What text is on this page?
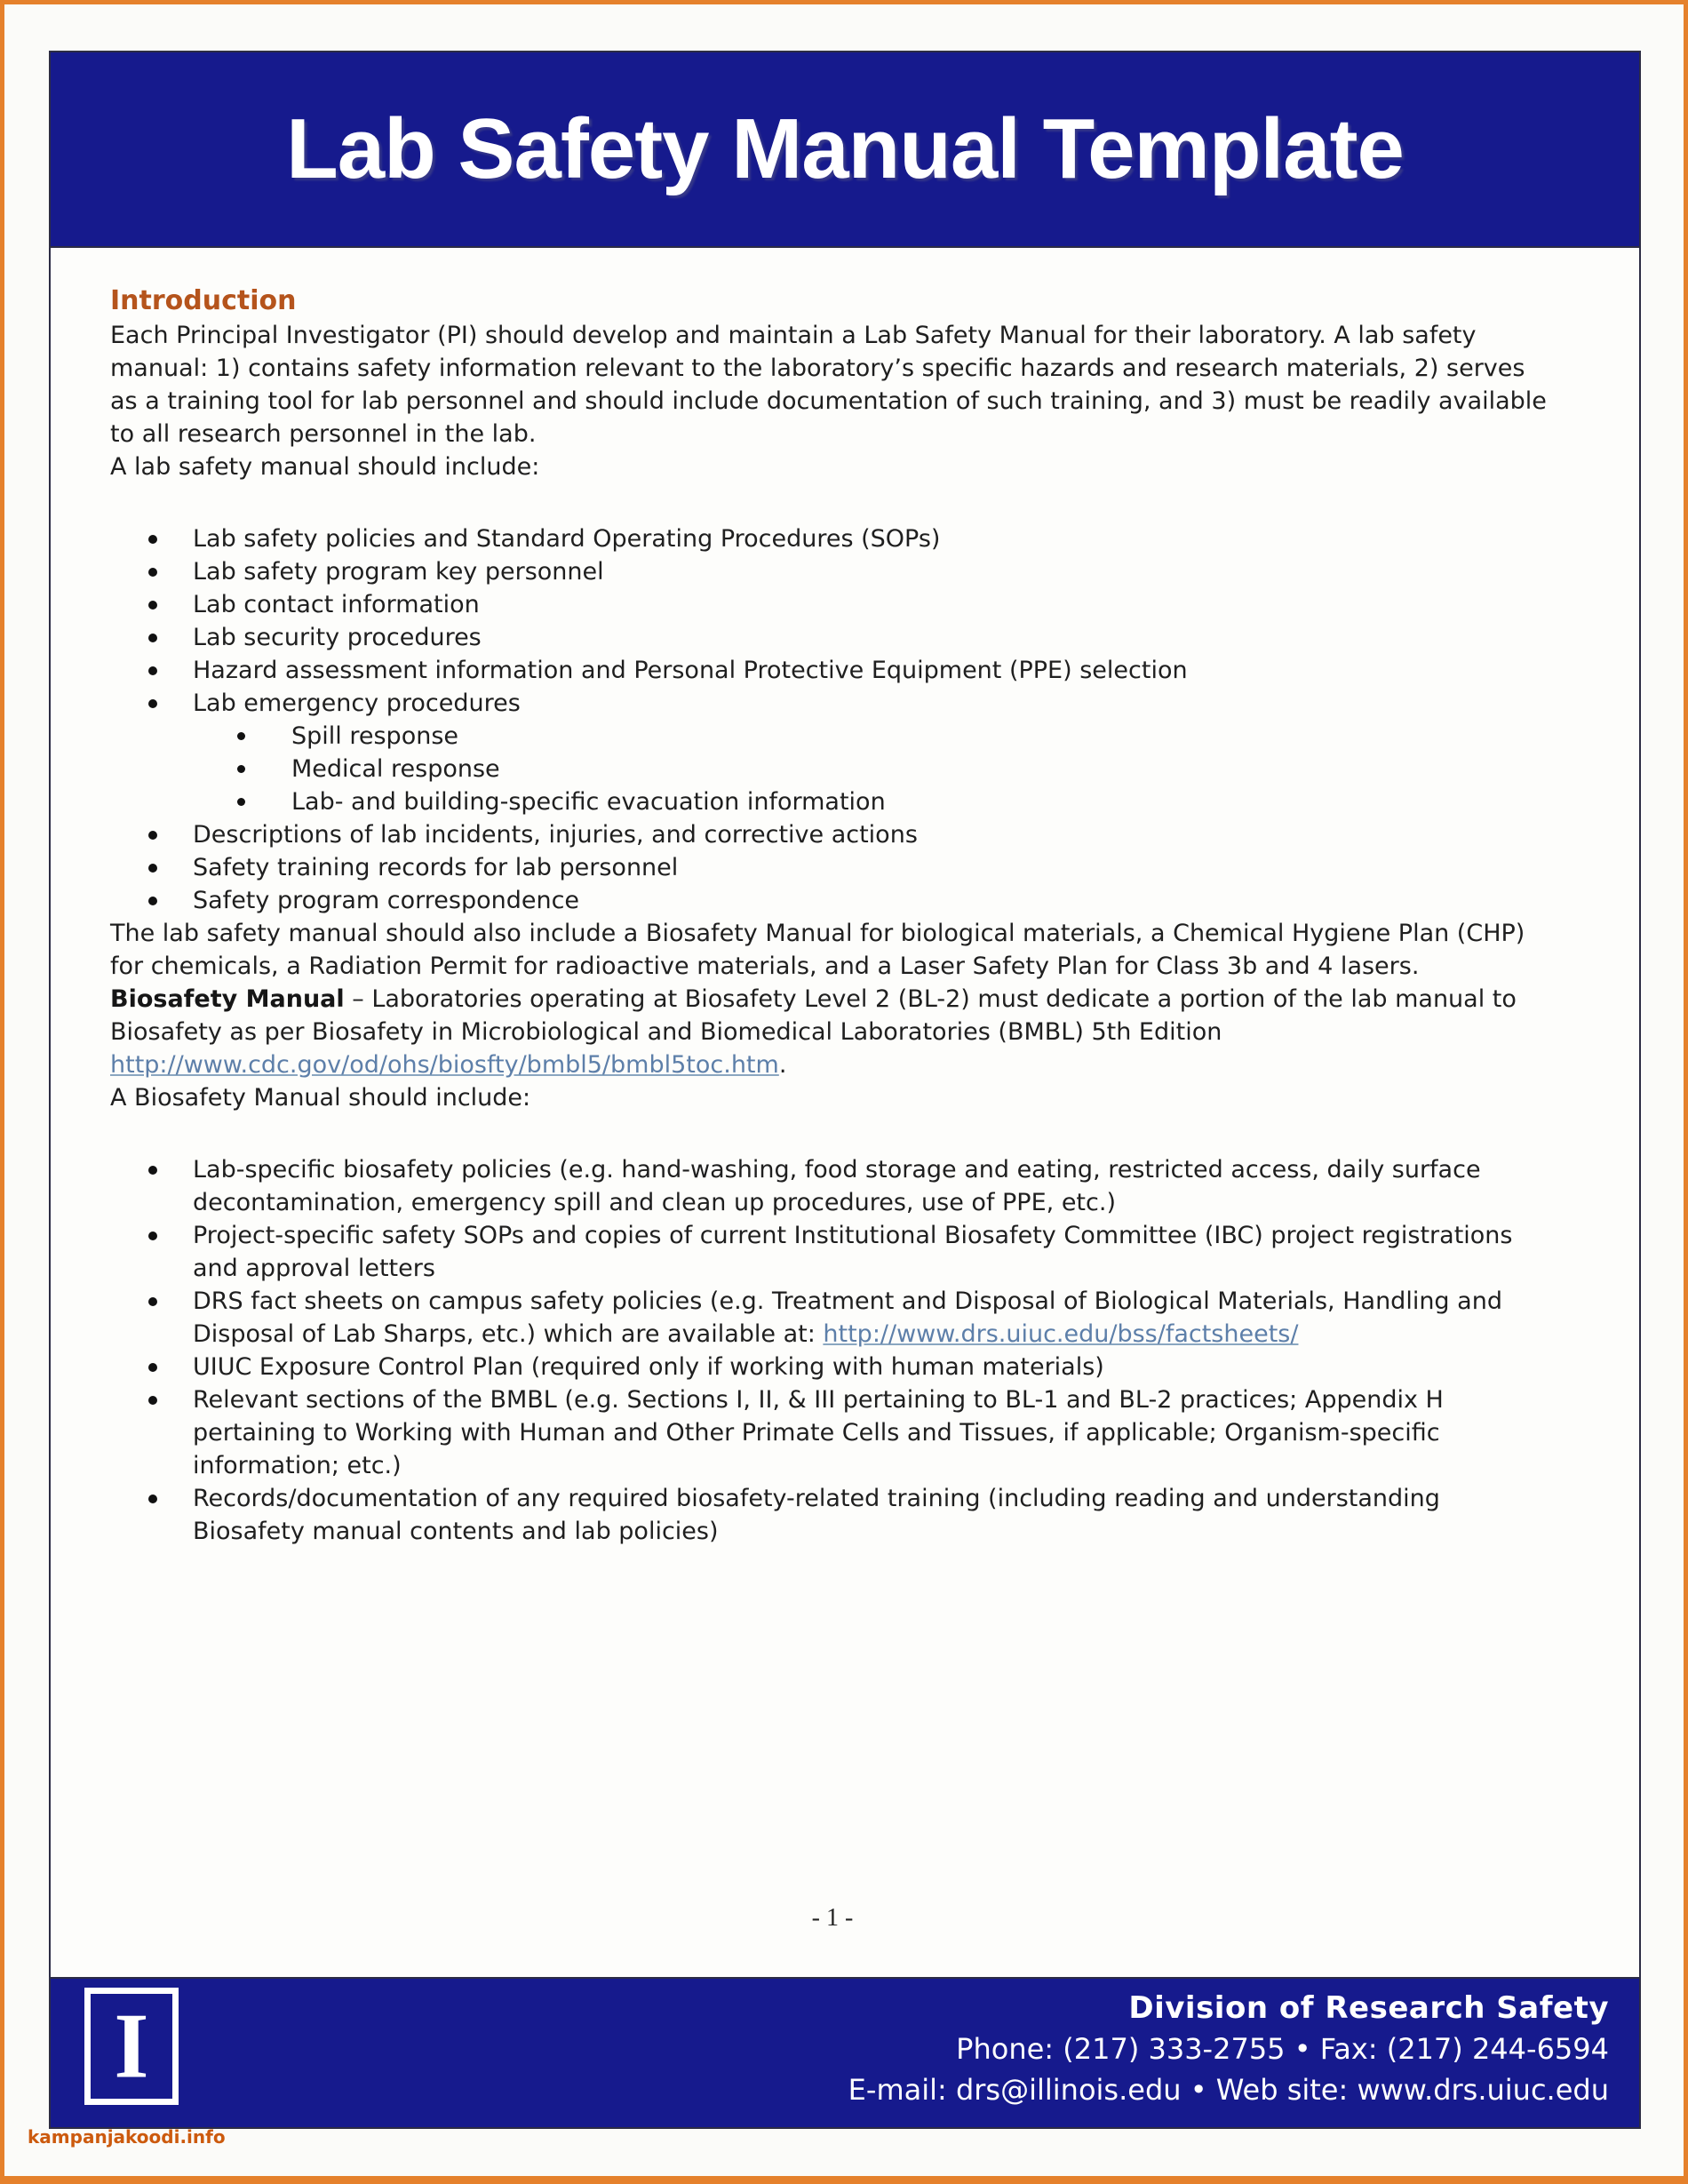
Lab Safety Manual Template
Introduction

Each Principal Investigator (PI) should develop and maintain a Lab Safety Manual for their laboratory. A lab safety manual: 1) contains safety information relevant to the laboratory’s specific hazards and research materials, 2) serves as a training tool for lab personnel and should include documentation of such training, and 3) must be readily available to all research personnel in the lab.

A lab safety manual should include:

Lab safety policies and Standard Operating Procedures (SOPs)
Lab safety program key personnel
Lab contact information
Lab security procedures
Hazard assessment information and Personal Protective Equipment (PPE) selection
Lab emergency procedures
Spill response
Medical response
Lab- and building-specific evacuation information
Descriptions of lab incidents, injuries, and corrective actions
Safety training records for lab personnel
Safety program correspondence

The lab safety manual should also include a Biosafety Manual for biological materials, a Chemical Hygiene Plan (CHP) for chemicals, a Radiation Permit for radioactive materials, and a Laser Safety Plan for Class 3b and 4 lasers.

Biosafety Manual – Laboratories operating at Biosafety Level 2 (BL-2) must dedicate a portion of the lab manual to Biosafety as per Biosafety in Microbiological and Biomedical Laboratories (BMBL) 5th Edition http://www.cdc.gov/od/ohs/biosfty/bmbl5/bmbl5toc.htm.

A Biosafety Manual should include:

Lab-specific biosafety policies (e.g. hand-washing, food storage and eating, restricted access, daily surface decontamination, emergency spill and clean up procedures, use of PPE, etc.)
Project-specific safety SOPs and copies of current Institutional Biosafety Committee (IBC) project registrations and approval letters
DRS fact sheets on campus safety policies (e.g. Treatment and Disposal of Biological Materials, Handling and Disposal of Lab Sharps, etc.) which are available at: http://www.drs.uiuc.edu/bss/factsheets/
UIUC Exposure Control Plan (required only if working with human materials)
Relevant sections of the BMBL (e.g. Sections I, II, & III pertaining to BL-1 and BL-2 practices; Appendix H pertaining to Working with Human and Other Primate Cells and Tissues, if applicable; Organism-specific information; etc.)
Records/documentation of any required biosafety-related training (including reading and understanding Biosafety manual contents and lab policies)
- 1 -
I	Division of Research Safety
Phone: (217) 333-2755 • Fax: (217) 244-6594
E-mail: drs@illinois.edu • Web site: www.drs.uiuc.edu
kampanjakoodi.info
